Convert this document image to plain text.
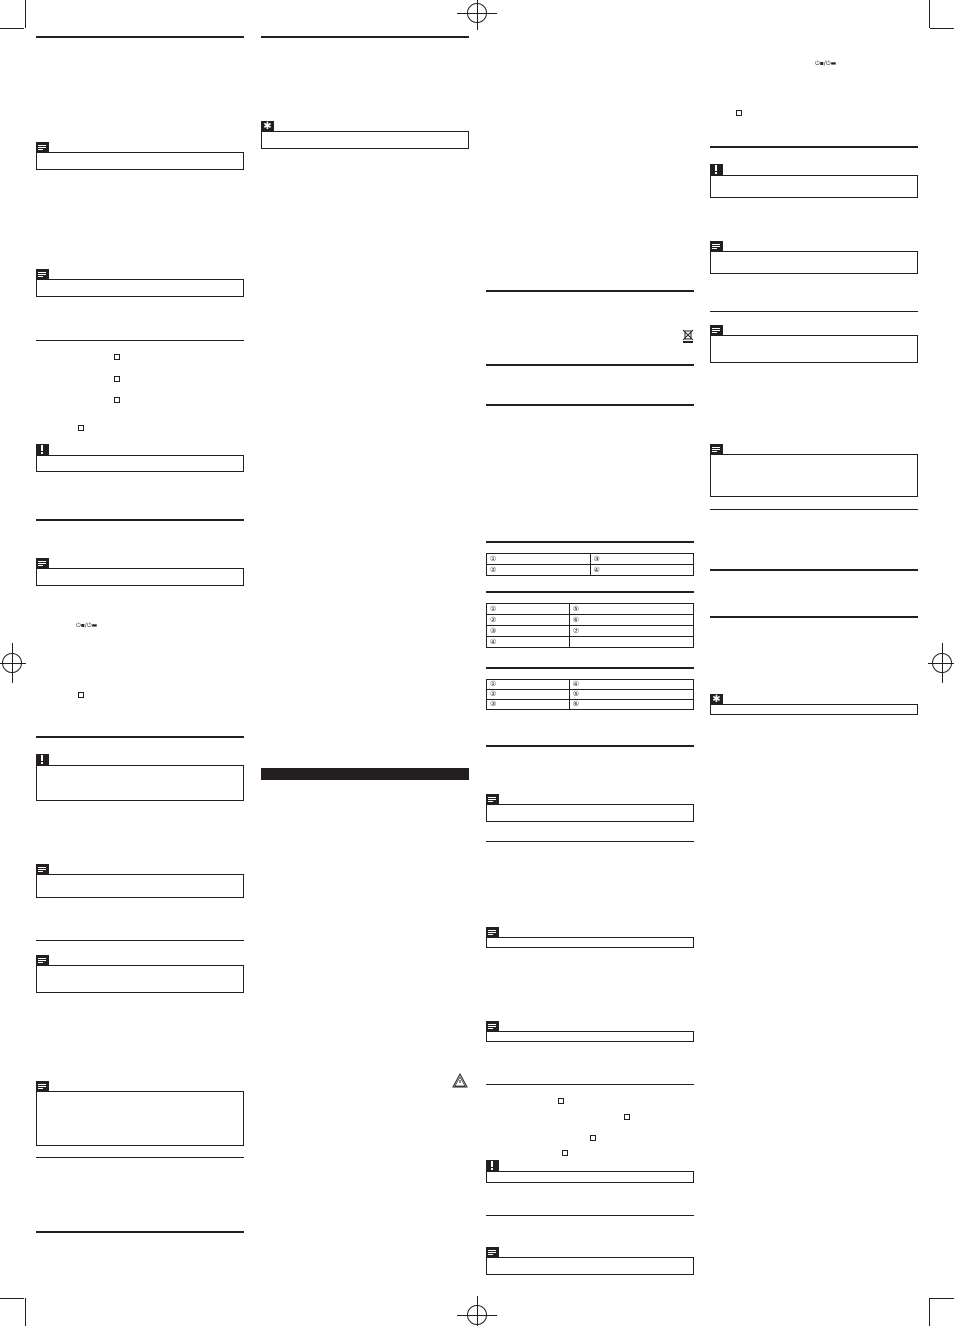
⏻▪/⏻▬
✱
①	③
②	④
①	⑤
②	⑥
③	⑦
④	
①	④
②	⑤
③	⑥
⏻▪/⏻▬
✱
